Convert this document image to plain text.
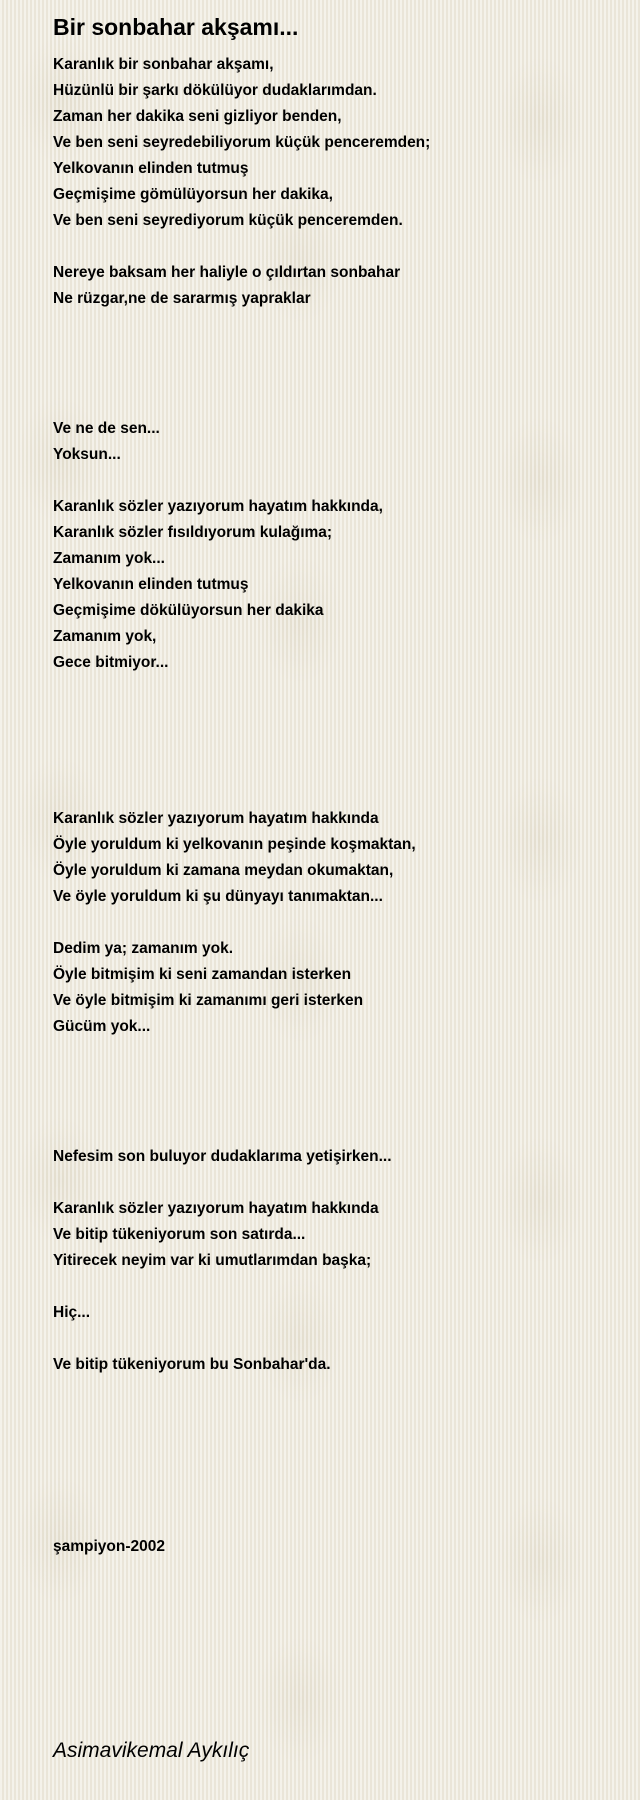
Bir sonbahar akşamı...
Karanlık bir sonbahar akşamı,
Hüzünlü bir şarkı dökülüyor dudaklarımdan.
Zaman her dakika seni gizliyor benden,
Ve ben seni seyredebiliyorum küçük penceremden;
Yelkovanın elinden tutmuş
Geçmişime gömülüyorsun her dakika,
Ve ben seni seyrediyorum küçük penceremden.
Nereye baksam her haliyle o çıldırtan sonbahar
Ne rüzgar,ne de sararmış yapraklar
Ve ne de sen...
Yoksun...
Karanlık sözler yazıyorum hayatım hakkında,
Karanlık sözler fısıldıyorum kulağıma;
Zamanım yok...
Yelkovanın elinden tutmuş
Geçmişime dökülüyorsun her dakika
Zamanım yok,
Gece bitmiyor...
Karanlık sözler yazıyorum hayatım hakkında
Öyle yoruldum ki yelkovanın peşinde koşmaktan,
Öyle yoruldum ki zamana meydan okumaktan,
Ve öyle yoruldum ki şu dünyayı tanımaktan...
Dedim ya; zamanım yok.
Öyle bitmişim ki seni zamandan isterken
Ve öyle bitmişim ki zamanımı geri isterken
Gücüm yok...
Nefesim son buluyor dudaklarıma yetişirken...
Karanlık sözler yazıyorum hayatım hakkında
Ve bitip tükeniyorum son satırda...
Yitirecek neyim var ki umutlarımdan başka;
Hiç...
Ve bitip tükeniyorum bu Sonbahar'da.
şampiyon-2002
Asimavikemal Aykılıç
